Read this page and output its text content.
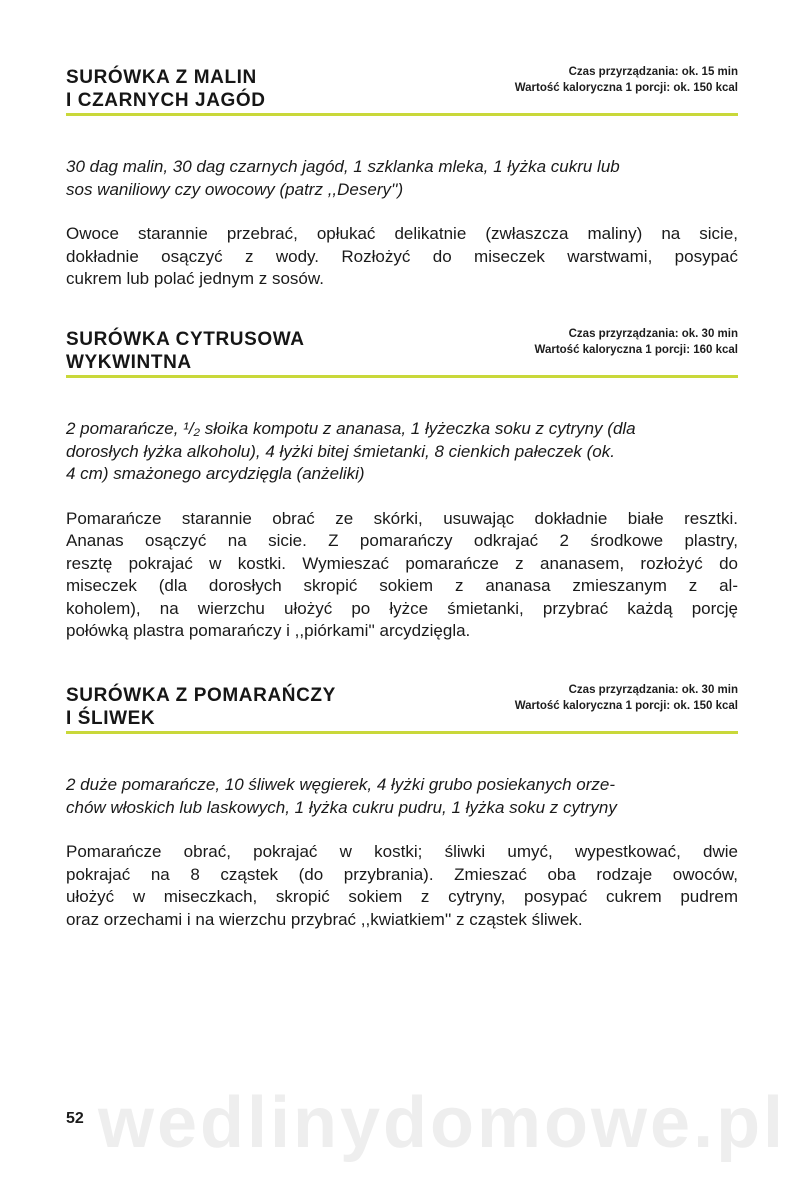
SURÓWKA Z MALIN
I CZARNYCH JAGÓD
Czas przyrządzania: ok. 15 min
Wartość kaloryczna 1 porcji: ok. 150 kcal
30 dag malin, 30 dag czarnych jagód, 1 szklanka mleka, 1 łyżka cukru lub
sos waniliowy czy owocowy (patrz ,,Desery'')
Owoce starannie przebrać, opłukać delikatnie (zwłaszcza maliny) na sicie,
dokładnie osączyć z wody. Rozłożyć do miseczek warstwami, posypać
cukrem lub polać jednym z sosów.
SURÓWKA CYTRUSOWA
WYKWINTNA
Czas przyrządzania: ok. 30 min
Wartość kaloryczna 1 porcji: 160 kcal
2 pomarańcze, ¹/₂ słoika kompotu z ananasa, 1 łyżeczka soku z cytryny (dla
dorosłych łyżka alkoholu), 4 łyżki bitej śmietanki, 8 cienkich pałeczek (ok.
4 cm) smażonego arcydzięgla (anżeliki)
Pomarańcze starannie obrać ze skórki, usuwając dokładnie białe resztki.
Ananas osączyć na sicie. Z pomarańczy odkrajać 2 środkowe plastry,
resztę pokrajać w kostki. Wymieszać pomarańcze z ananasem, rozłożyć do
miseczek (dla dorosłych skropić sokiem z ananasa zmieszanym z al-
koholem), na wierzchu ułożyć po łyżce śmietanki, przybrać każdą porcję
połówką plastra pomarańczy i ,,piórkami'' arcydzięgla.
SURÓWKA Z POMARAŃCZY
I ŚLIWEK
Czas przyrządzania: ok. 30 min
Wartość kaloryczna 1 porcji: ok. 150 kcal
2 duże pomarańcze, 10 śliwek węgierek, 4 łyżki grubo posiekanych orze-
chów włoskich lub laskowych, 1 łyżka cukru pudru, 1 łyżka soku z cytryny
Pomarańcze obrać, pokrajać w kostki; śliwki umyć, wypestkować, dwie
pokrajać na 8 cząstek (do przybrania). Zmieszać oba rodzaje owoców,
ułożyć w miseczkach, skropić sokiem z cytryny, posypać cukrem pudrem
oraz orzechami i na wierzchu przybrać ,,kwiatkiem'' z cząstek śliwek.
wedlinydomowe.pl
52
